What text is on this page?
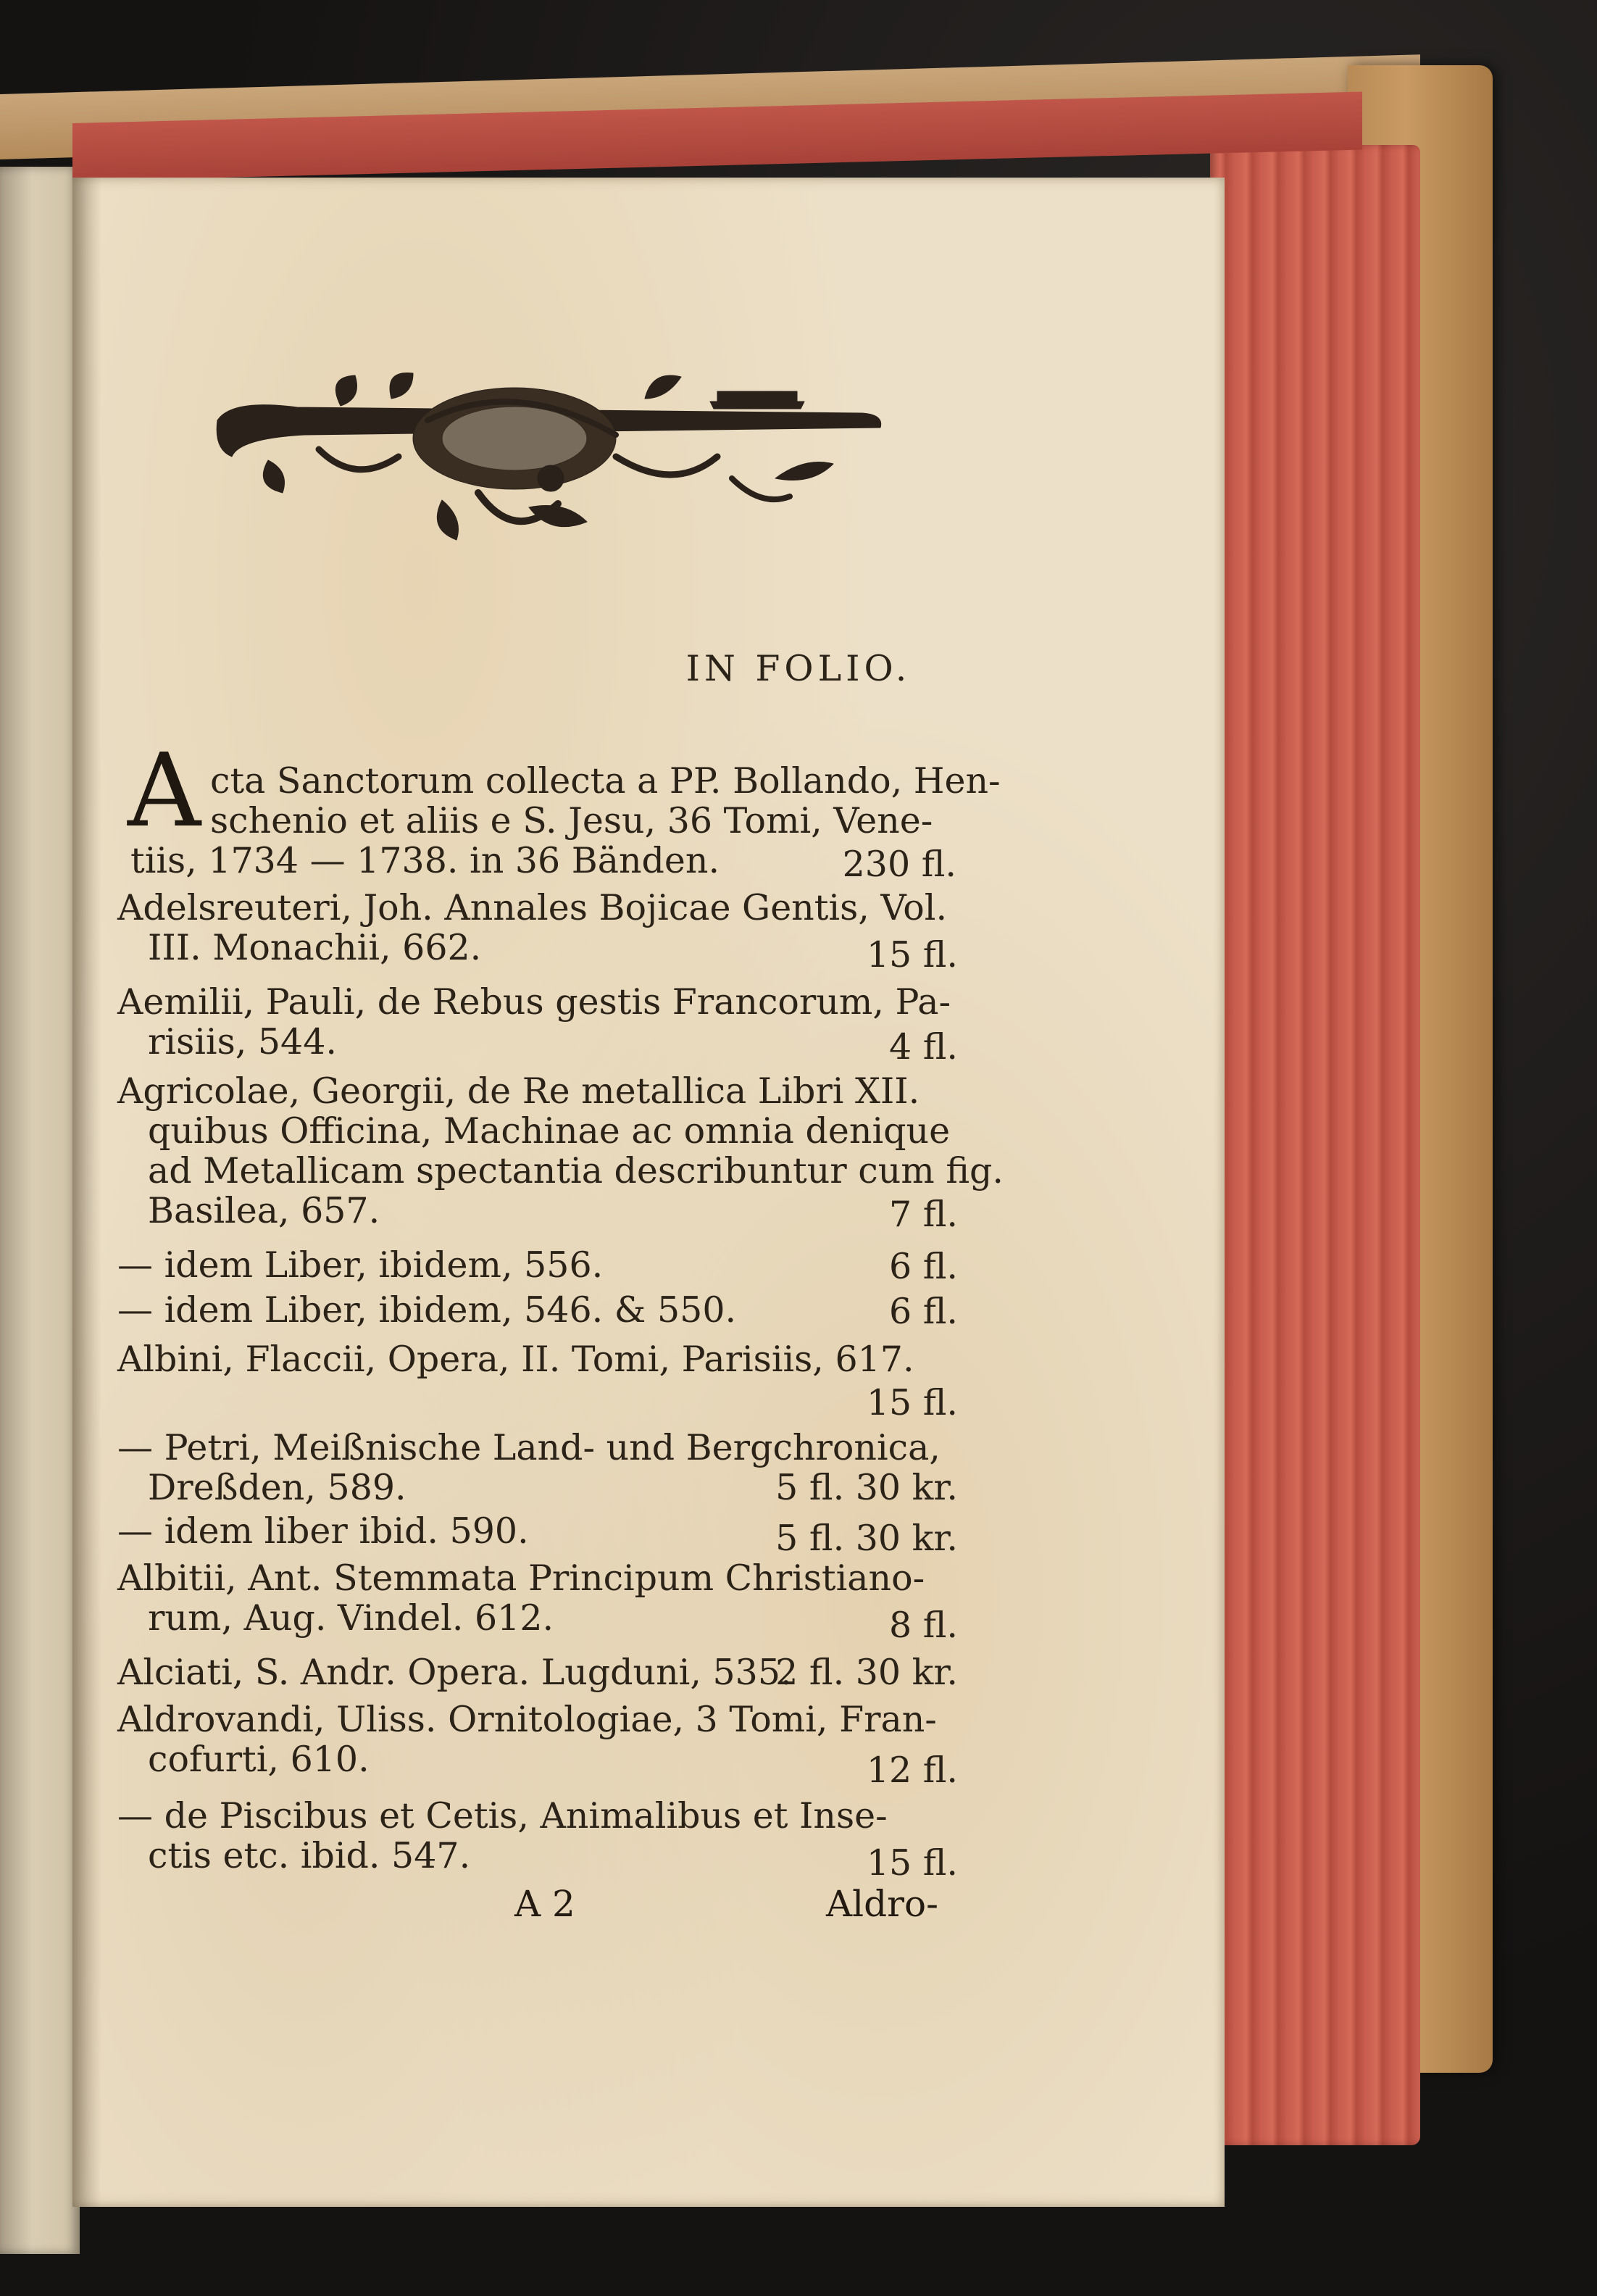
IN FOLIO.
A cta Sanctorum collecta a PP. Bollando, Hen-
schenio et aliis e S. Jesu, 36 Tomi, Vene-
tiis, 1734 — 1738. in 36 Bänden.	230 fl.
Adelsreuteri, Joh. Annales Bojicae Gentis, Vol.
III. Monachii, 662.	15 fl.
Aemilii, Pauli, de Rebus gestis Francorum, Pa-
risiis, 544.	4 fl.
Agricolae, Georgii, de Re metallica Libri XII.
quibus Officina, Machinae ac omnia denique
ad Metallicam spectantia describuntur cum fig.
Basilea, 657.	7 fl.
— idem Liber, ibidem, 556.	6 fl.
— idem Liber, ibidem, 546. & 550.	6 fl.
Albini, Flaccii, Opera, II. Tomi, Parisiis, 617.
15 fl.
— Petri, Meißnische Land- und Bergchronica,
Dreßden, 589.	5 fl. 30 kr.
— idem liber ibid. 590.	5 fl. 30 kr.
Albitii, Ant. Stemmata Principum Christiano-
rum, Aug. Vindel. 612.	8 fl.
Alciati, S. Andr. Opera. Lugduni, 535.
2 fl. 30 kr.
Aldrovandi, Uliss. Ornitologiae, 3 Tomi, Fran-
cofurti, 610.	12 fl.
— de Piscibus et Cetis, Animalibus et Inse-
ctis etc. ibid. 547.	15 fl.
A 2	Aldro-
